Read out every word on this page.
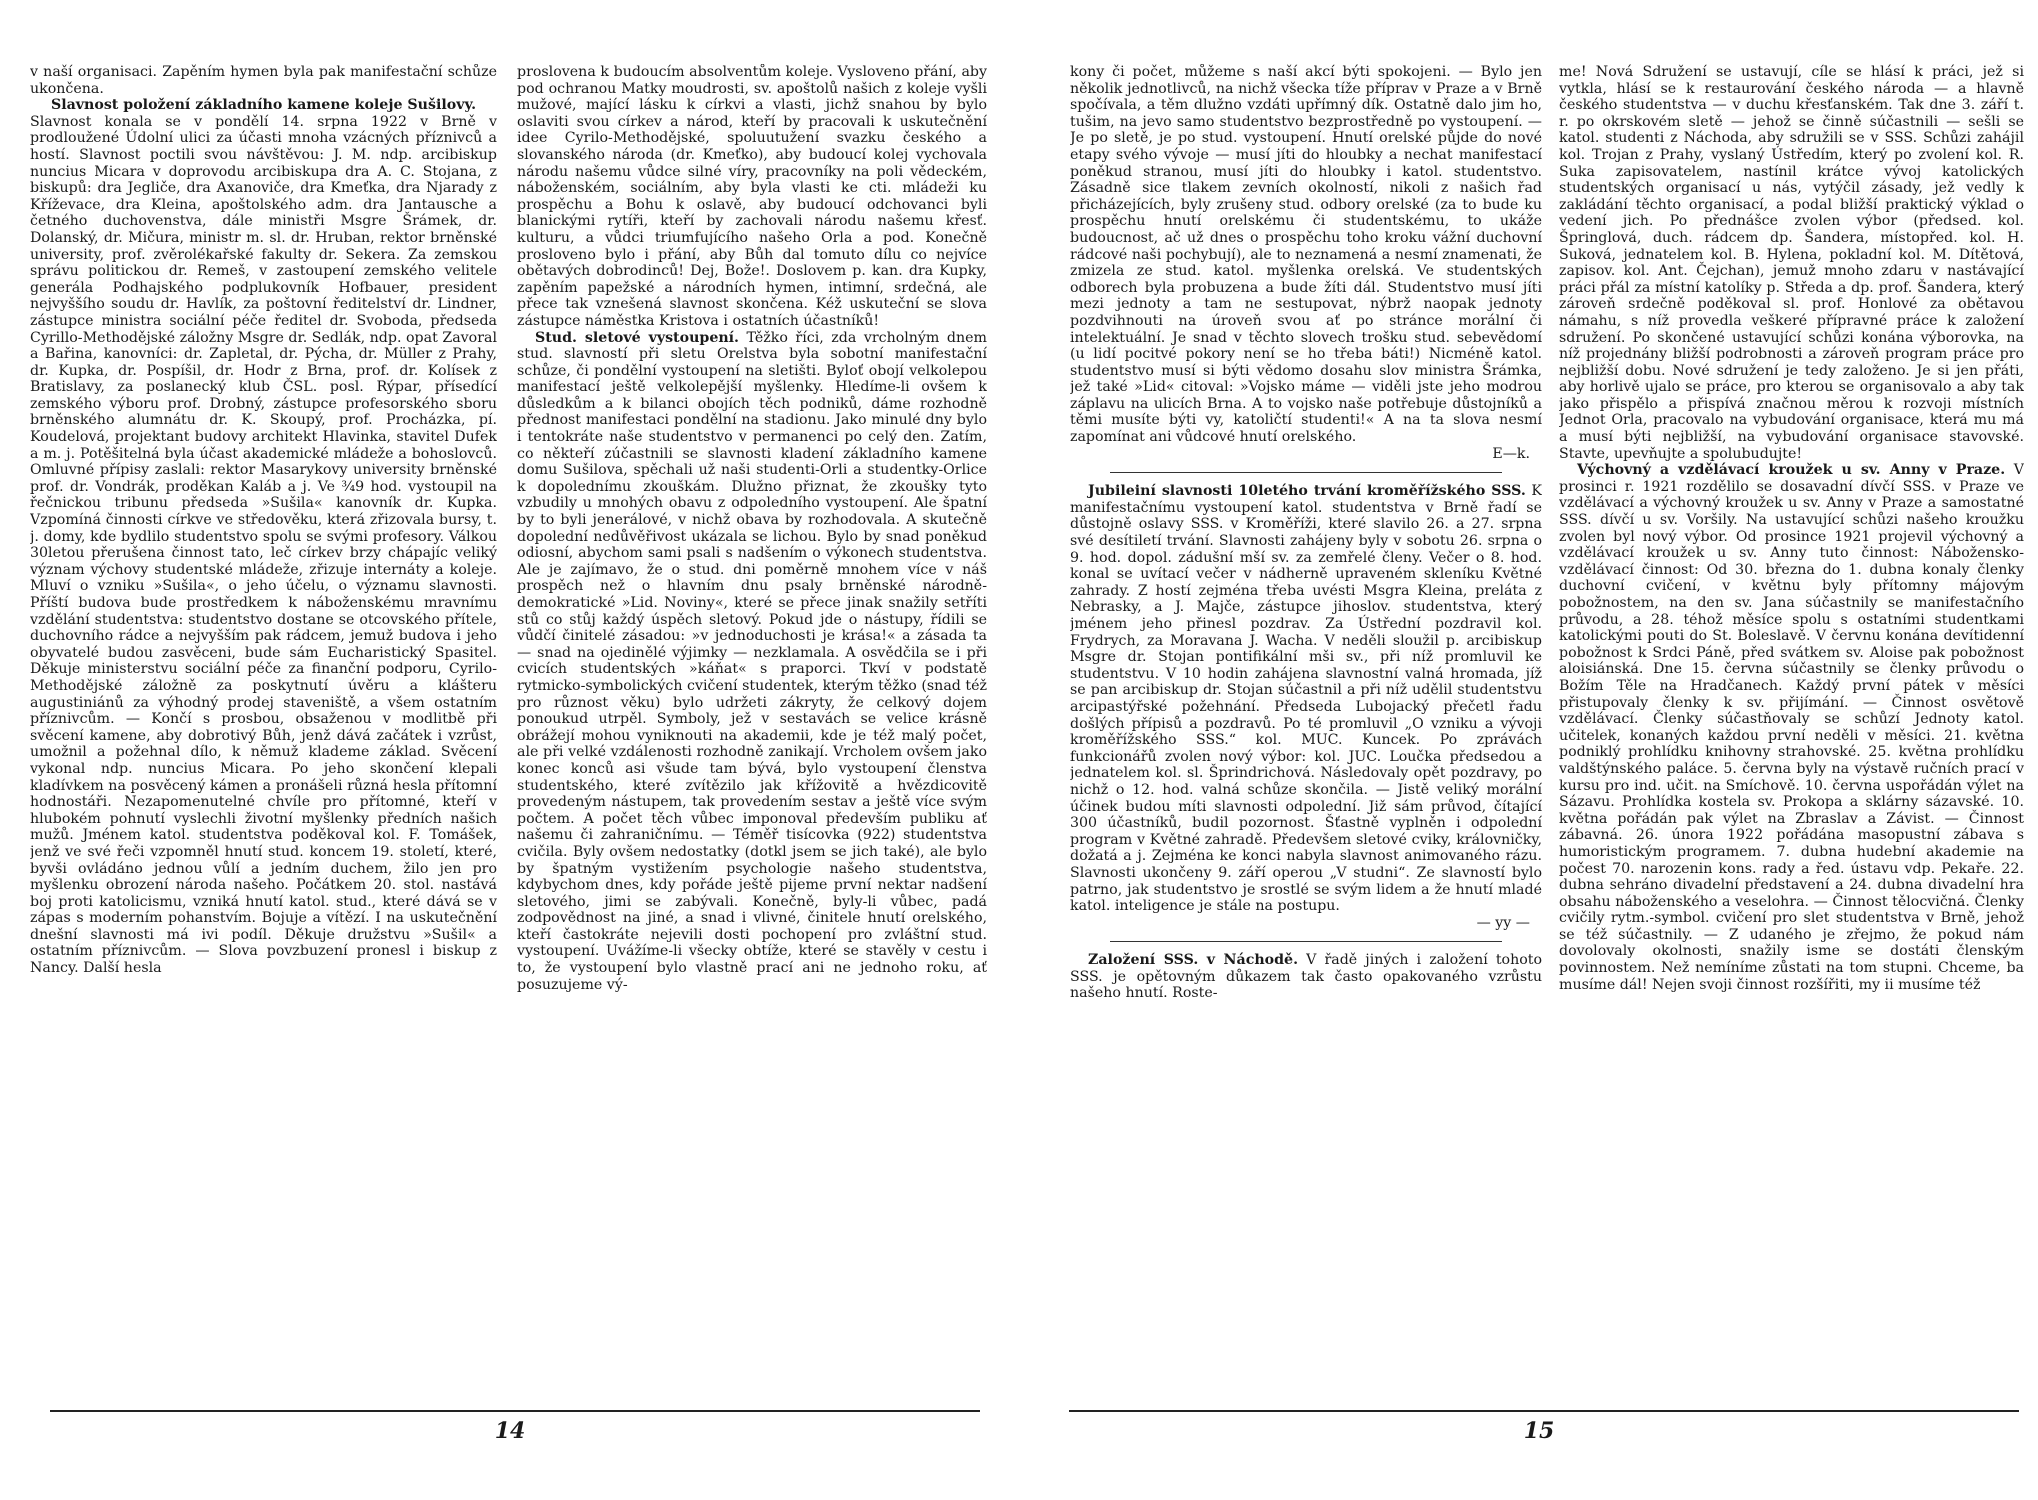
v naší organisaci. Zapěním hymen byla pak manifestační schůze ukončena.

Slavnost položení základního kamene koleje Sušilovy.

Slavnost konala se v pondělí 14. srpna 1922 v Brně v prodloužené Údolní ulici za účasti mnoha vzácných příznivců a hostí. Slavnost poctili svou návštěvou: J. M. ndp. arcibiskup nuncius Micara v doprovodu arcibiskupa dra A. C. Stojana, z biskupů: dra Jegliče, dra Axanoviče, dra Kmeťka, dra Njarady z Kříževace, dra Kleina, apoštolského adm. dra Jantausche a četného duchovenstva, dále ministři Msgre Šrámek, dr. Dolanský, dr. Mičura, ministr m. sl. dr. Hruban, rektor brněnské university, prof. zvěrolékařské fakulty dr. Sekera. Za zemskou správu politickou dr. Remeš, v zastoupení zemského velitele generála Podhajského podplukovník Hofbauer, president nejvyššího soudu dr. Havlík, za poštovní ředitelství dr. Lindner, zástupce ministra sociální péče ředitel dr. Svoboda, předseda Cyrillo-Methodějské záložny Msgre dr. Sedlák, ndp. opat Zavoral a Bařina, kanovníci: dr. Zapletal, dr. Pýcha, dr. Müller z Prahy, dr. Kupka, dr. Pospíšil, dr. Hodr z Brna, prof. dr. Kolísek z Bratislavy, za poslanecký klub ČSL. posl. Rýpar, přísedící zemského výboru prof. Drobný, zástupce profesorského sboru brněnského alumnátu dr. K. Skoupý, prof. Procházka, pí. Koudelová, projektant budovy architekt Hlavinka, stavitel Dufek a m. j. Potěšitelná byla účast akademické mládeže a bohoslovců. Omluvné přípisy zaslali: rektor Masarykovy university brněnské prof. dr. Vondrák, proděkan Kaláb a j. Ve ³⁄₄9 hod. vystoupil na řečnickou tribunu předseda »Sušila« kanovník dr. Kupka. Vzpomíná činnosti církve ve středověku, která zřizovala bursy, t. j. domy, kde bydlilo studentstvo spolu se svými profesory. Válkou 30letou přerušena činnost tato, leč církev brzy chápajíc veliký význam výchovy studentské mládeže, zřizuje internáty a koleje. Mluví o vzniku »Sušila«, o jeho účelu, o významu slavnosti. Příští budova bude prostředkem k náboženskému mravnímu vzdělání studentstva: studentstvo dostane se otcovského přítele, duchovního rádce a nejvyšším pak rádcem, jemuž budova i jeho obyvatelé budou zasvěceni, bude sám Eucharistický Spasitel. Děkuje ministerstvu sociální péče za finanční podporu, Cyrilo-Methodějské záložně za poskytnutí úvěru a klášteru augustiniánů za výhodný prodej staveniště, a všem ostatním příznivcům. — Končí s prosbou, obsaženou v modlitbě při svěcení kamene, aby dobrotivý Bůh, jenž dává začátek i vzrůst, umožnil a požehnal dílo, k němuž klademe základ. Svěcení vykonal ndp. nuncius Micara. Po jeho skončení klepali kladívkem na posvěcený kámen a pronášeli různá hesla přítomní hodnostáři. Nezapomenutelné chvíle pro přítomné, kteří v hlubokém pohnutí vyslechli životní myšlenky předních našich mužů. Jménem katol. studentstva poděkoval kol. F. Tomášek, jenž ve své řeči vzpomněl hnutí stud. koncem 19. století, které, byvši ovládáno jednou vůlí a jedním duchem, žilo jen pro myšlenku obrození národa našeho. Počátkem 20. stol. nastává boj proti katolicismu, vzniká hnutí katol. stud., které dává se v zápas s moderním pohanstvím. Bojuje a vítězí. I na uskutečnění dnešní slavnosti má ivi podíl. Děkuje družstvu »Sušil« a ostatním příznivcům. — Slova povzbuzení pronesl i biskup z Nancy. Další hesla

proslovena k budoucím absolventům koleje. Vysloveno přání, aby pod ochranou Matky moudrosti, sv. apoštolů našich z koleje vyšli mužové, mající lásku k církvi a vlasti, jichž snahou by bylo oslaviti svou církev a národ, kteří by pracovali k uskutečnění idee Cyrilo-Methodějské, spoluutužení svazku českého a slovanského národa (dr. Kmeťko), aby budoucí kolej vychovala národu našemu vůdce silné víry, pracovníky na poli vědeckém, náboženském, sociálním, aby byla vlasti ke cti. mládeži ku prospěchu a Bohu k oslavě, aby budoucí odchovanci byli blanickými rytíři, kteří by zachovali národu našemu křesť. kulturu, a vůdci triumfujícího našeho Orla a pod. Konečně prosloveno bylo i přání, aby Bůh dal tomuto dílu co nejvíce obětavých dobrodinců! Dej, Bože!. Doslovem p. kan. dra Kupky, zapěním papežské a národních hymen, intimní, srdečná, ale přece tak vznešená slavnost skončena. Kéž uskuteční se slova zástupce náměstka Kristova i ostatních účastníků!

Stud. sletové vystoupení. Těžko říci, zda vrcholným dnem stud. slavností při sletu Orelstva byla sobotní manifestační schůze, či pondělní vystoupení na sletišti. Byloť obojí velkolepou manifestací ještě velkolepější myšlenky. Hledíme-li ovšem k důsledkům a k bilanci obojích těch podniků, dáme rozhodně přednost manifestaci pondělní na stadionu. Jako minulé dny bylo i tentokráte naše studentstvo v permanenci po celý den. Zatím, co někteří zúčastnili se slavnosti kladení základního kamene domu Sušilova, spěchali už naši studenti-Orli a studentky-Orlice k dopolednímu zkouškám. Dlužno přiznat, že zkoušky tyto vzbudily u mnohých obavu z odpoledního vystoupení. Ale špatní by to byli jenerálové, v nichž obava by rozhodovala. A skutečně dopolední nedůvěřivost ukázala se lichou. Bylo by snad poněkud odiosní, abychom sami psali s nadšením o výkonech studentstva. Ale je zajímavo, že o stud. dni poměrně mnohem více v náš prospěch než o hlavním dnu psaly brněnské národně-demokratické »Lid. Noviny«, které se přece jinak snažily setříti stů co stůj každý úspěch sletový. Pokud jde o nástupy, řídili se vůdčí činitelé zásadou: »v jednoduchosti je krása!« a zásada ta — snad na ojedinělé výjimky — nezklamala. A osvědčila se i při cvicích studentských »káňat« s praporci. Tkví v podstatě rytmicko-symbolických cvičení studentek, kterým těžko (snad též pro různost věku) bylo udržeti zákryty, že celkový dojem ponoukud utrpěl. Symboly, jež v sestavách se velice krásně obrážejí mohou vyniknouti na akademii, kde je též malý počet, ale při velké vzdálenosti rozhodně zanikají. Vrcholem ovšem jako konec konců asi všude tam bývá, bylo vystoupení členstva studentského, které zvítězilo jak křížovitě a hvězdicovitě provedeným nástupem, tak provedením sestav a ještě více svým počtem. A počet těch vůbec imponoval především publiku ať našemu či zahraničnímu. — Téměř tisícovka (922) studentstva cvičila. Byly ovšem nedostatky (dotkl jsem se jich také), ale bylo by špatným vystižením psychologie našeho studentstva, kdybychom dnes, kdy pořáde ještě pijeme první nektar nadšení sletového, jimi se zabývali. Konečně, byly-li vůbec, padá zodpovědnost na jiné, a snad i vlivné, činitele hnutí orelského, kteří častokráte nejevili dosti pochopení pro zvláštní stud. vystoupení. Uvážíme-li všecky obtíže, které se stavěly v cestu i to, že vystoupení bylo vlastně prací ani ne jednoho roku, ať posuzujeme vý-

14

kony či počet, můžeme s naší akcí býti spokojeni. — Bylo jen několik jednotlivců, na nichž všecka tíže příprav v Praze a v Brně spočívala, a těm dlužno vzdáti upřímný dík. Ostatně dalo jim ho, tušim, na jevo samo studentstvo bezprostředně po vystoupení. — Je po sletě, je po stud. vystoupení. Hnutí orelské půjde do nové etapy svého vývoje — musí jíti do hloubky a nechat manifestací poněkud stranou, musí jíti do hloubky i katol. studentstvo. Zásadně sice tlakem zevních okolností, nikoli z našich řad přicházejících, byly zrušeny stud. odbory orelské (za to bude ku prospěchu hnutí orelskému či studentskému, to ukáže budoucnost, ač už dnes o prospěchu toho kroku vážní duchovní rádcové naši pochybují), ale to neznamená a nesmí znamenati, že zmizela ze stud. katol. myšlenka orelská. Ve studentských odborech byla probuzena a bude žíti dál. Studentstvo musí jíti mezi jednoty a tam ne sestupovat, nýbrž naopak jednoty pozdvihnouti na úroveň svou ať po stránce morální či intelektuální. Je snad v těchto slovech trošku stud. sebevědomí (u lidí pocitvé pokory není se ho třeba báti!) Nicméně katol. studentstvo musí si býti vědomo dosahu slov ministra Šrámka, jež také »Lid« citoval: »Vojsko máme — viděli jste jeho modrou záplavu na ulicích Brna. A to vojsko naše potřebuje důstojníků a těmi musíte býti vy, katoličtí studenti!« A na ta slova nesmí zapomínat ani vůdcové hnutí orelského.

E—k.

Jubileiní slavnosti 10letého trvání kroměřížského SSS. K manifestačnímu vystoupení katol. studentstva v Brně řadí se důstojně oslavy SSS. v Kroměříži, které slavilo 26. a 27. srpna své desítiletí trvání. Slavnosti zahájeny byly v sobotu 26. srpna o 9. hod. dopol. zádušní mší sv. za zemřelé členy. Večer o 8. hod. konal se uvítací večer v nádherně upraveném skleníku Květné zahrady. Z hostí zejména třeba uvésti Msgra Kleina, preláta z Nebrasky, a J. Majče, zástupce jihoslov. studentstva, který jménem jeho přinesl pozdrav. Za Ústřední pozdravil kol. Frydrych, za Moravana J. Wacha. V neděli sloužil p. arcibiskup Msgre dr. Stojan pontifikální mši sv., při níž promluvil ke studentstvu. V 10 hodin zahájena slavnostní valná hromada, jíž se pan arcibiskup dr. Stojan súčastnil a při níž udělil studentstvu arcipastýřské požehnání. Předseda Lubojacký přečetl řadu došlých přípisů a pozdravů. Po té promluvil „O vzniku a vývoji kroměřížského SSS.“ kol. MUC. Kuncek. Po zprávách funkcionářů zvolen nový výbor: kol. JUC. Loučka předsedou a jednatelem kol. sl. Šprindrichová. Následovaly opět pozdravy, po nichž o 12. hod. valná schůze skončila. — Jistě veliký morální účinek budou míti slavnosti odpolední. Již sám průvod, čítající 300 účastníků, budil pozornost. Šťastně vyplněn i odpolední program v Květné zahradě. Předevšem sletové cviky, královničky, dožatá a j. Zejména ke konci nabyla slavnost animovaného rázu. Slavnosti ukončeny 9. září operou „V studni“. Ze slavností bylo patrno, jak studentstvo je srostlé se svým lidem a že hnutí mladé katol. inteligence je stále na postupu.

— yy —

Založení SSS. v Náchodě. V řadě jiných i založení tohoto SSS. je opětovným důkazem tak často opakovaného vzrůstu našeho hnutí. Roste-

me! Nová Sdružení se ustavují, cíle se hlásí k práci, jež si vytkla, hlásí se k restaurování českého národa — a hlavně českého studentstva — v duchu křesťanském. Tak dne 3. září t. r. po okrskovém sletě — jehož se činně súčastnili — sešli se katol. studenti z Náchoda, aby sdružili se v SSS. Schůzi zahájil kol. Trojan z Prahy, vyslaný Ústředím, který po zvolení kol. R. Suka zapisovatelem, nastínil krátce vývoj katolických studentských organisací u nás, vytýčil zásady, jež vedly k zakládání těchto organisací, a podal bližší praktický výklad o vedení jich. Po přednášce zvolen výbor (předsed. kol. Špringlová, duch. rádcem dp. Šandera, místopřed. kol. H. Suková, jednatelem kol. B. Hylena, pokladní kol. M. Dítětová, zapisov. kol. Ant. Čejchan), jemuž mnoho zdaru v nastávající práci přál za místní katolíky p. Středa a dp. prof. Šandera, který zároveň srdečně poděkoval sl. prof. Honlové za obětavou námahu, s níž provedla veškeré přípravné práce k založení sdružení. Po skončené ustavující schůzi konána výborovka, na níž projednány bližší podrobnosti a zároveň program práce pro nejbližší dobu. Nové sdružení je tedy založeno. Je si jen přáti, aby horlivě ujalo se práce, pro kterou se organisovalo a aby tak jako přispělo a přispívá značnou měrou k rozvoji místních Jednot Orla, pracovalo na vybudování organisace, která mu má a musí býti nejbližší, na vybudování organisace stavovské. Stavte, upevňujte a spolubudujte!

Výchovný a vzdělávací kroužek u sv. Anny v Praze. V prosinci r. 1921 rozdělilo se dosavadní dívčí SSS. v Praze ve vzdělávací a výchovný kroužek u sv. Anny v Praze a samostatné SSS. dívčí u sv. Voršily. Na ustavující schůzi našeho kroužku zvolen byl nový výbor. Od prosince 1921 projevil výchovný a vzdělávací kroužek u sv. Anny tuto činnost: Nábožensko-vzdělávací činnost: Od 30. března do 1. dubna konaly členky duchovní cvičení, v květnu byly přítomny májovým pobožnostem, na den sv. Jana súčastnily se manifestačního průvodu, a 28. téhož měsíce spolu s ostatními studentkami katolickými pouti do St. Boleslavě. V červnu konána devítidenní pobožnost k Srdci Páně, před svátkem sv. Aloise pak pobožnost aloisiánská. Dne 15. června súčastnily se členky průvodu o Božím Těle na Hradčanech. Každý první pátek v měsíci přistupovaly členky k sv. přijímání. — Činnost osvětově vzdělávací. Členky súčastňovaly se schůzí Jednoty katol. učitelek, konaných každou první neděli v měsíci. 21. května podniklý prohlídku knihovny strahovské. 25. května prohlídku valdštýnského paláce. 5. června byly na výstavě ručních prací v kursu pro ind. učit. na Smíchově. 10. června uspořádán výlet na Sázavu. Prohlídka kostela sv. Prokopa a sklárny sázavské. 10. května pořádán pak výlet na Zbraslav a Závist. — Činnost zábavná. 26. února 1922 pořádána masopustní zábava s humoristickým programem. 7. dubna hudební akademie na počest 70. narozenin kons. rady a řed. ústavu vdp. Pekaře. 22. dubna sehráno divadelní představení a 24. dubna divadelní hra obsahu náboženského a veselohra. — Činnost tělocvičná. Členky cvičily rytm.-symbol. cvičení pro slet studentstva v Brně, jehož se též súčastnily. — Z udaného je zřejmo, že pokud nám dovolovaly okolnosti, snažily isme se dostáti členským povinnostem. Než nemíníme zůstati na tom stupni. Chceme, ba musíme dál! Nejen svoji činnost rozšířiti, my ii musíme též

15
